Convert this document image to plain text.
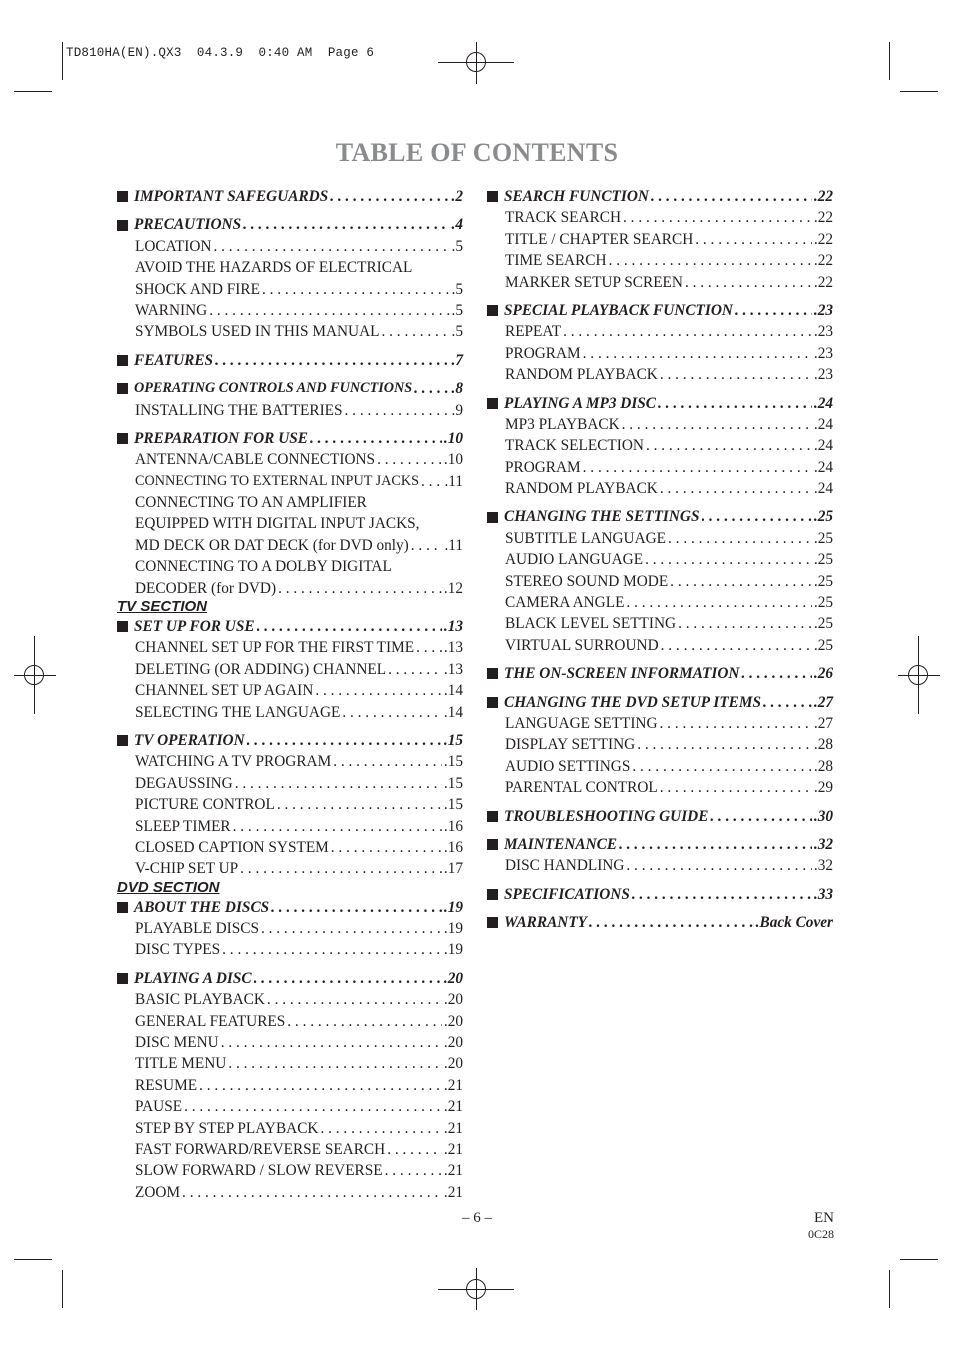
TD810HA(EN).QX3  04.3.9  0:40 AM  Page 6
TABLE OF CONTENTS
IMPORTANT SAFEGUARDS . . .	.2
PRECAUTIONS . . .	.4
LOCATION . . .	.5
AVOID THE HAZARDS OF ELECTRICAL
SHOCK AND FIRE . . .	.5
WARNING . . .	.5
SYMBOLS USED IN THIS MANUAL . . .	.5
FEATURES . . .	.7
OPERATING CONTROLS AND FUNCTIONS . . .	.8
INSTALLING THE BATTERIES . . .	.9
PREPARATION FOR USE . . .	.10
ANTENNA/CABLE CONNECTIONS . . .	.10
CONNECTING TO EXTERNAL INPUT JACKS . . . .11
CONNECTING TO AN AMPLIFIER
EQUIPPED WITH DIGITAL INPUT JACKS,
MD DECK OR DAT DECK (for DVD only) . . . .11
CONNECTING TO A DOLBY DIGITAL
DECODER (for DVD) . . .	.12
TV SECTION
SET UP FOR USE . . .	.13
CHANNEL SET UP FOR THE FIRST TIME . . . .13
DELETING (OR ADDING) CHANNEL . . .	.13
CHANNEL SET UP AGAIN . . .	.14
SELECTING THE LANGUAGE . . .	.14
TV OPERATION . . .	.15
WATCHING A TV PROGRAM . . .	.15
DEGAUSSING . . .	.15
PICTURE CONTROL . . .	.15
SLEEP TIMER . . .	.16
CLOSED CAPTION SYSTEM . . .	.16
V-CHIP SET UP . . .	.17
DVD SECTION
ABOUT THE DISCS . . .	.19
PLAYABLE DISCS . . .	.19
DISC TYPES . . .	.19
PLAYING A DISC . . .	.20
BASIC PLAYBACK . . .	.20
GENERAL FEATURES . . .	.20
DISC MENU . . .	.20
TITLE MENU . . .	.20
RESUME . . .	.21
PAUSE . . .	.21
STEP BY STEP PLAYBACK . . .	.21
FAST FORWARD/REVERSE SEARCH . . .	.21
SLOW FORWARD / SLOW REVERSE . . .	.21
ZOOM . . .	.21
SEARCH FUNCTION . . .	.22
TRACK SEARCH . . .	.22
TITLE / CHAPTER SEARCH . . .	.22
TIME SEARCH . . .	.22
MARKER SETUP SCREEN . . .	.22
SPECIAL PLAYBACK FUNCTION . . .	.23
REPEAT . . .	.23
PROGRAM . . .	.23
RANDOM PLAYBACK . . .	.23
PLAYING A MP3 DISC . . .	.24
MP3 PLAYBACK . . .	.24
TRACK SELECTION . . .	.24
PROGRAM . . .	.24
RANDOM PLAYBACK . . .	.24
CHANGING THE SETTINGS . . .	.25
SUBTITLE LANGUAGE . . .	.25
AUDIO LANGUAGE . . .	.25
STEREO SOUND MODE . . .	.25
CAMERA ANGLE . . .	.25
BLACK LEVEL SETTING . . .	.25
VIRTUAL SURROUND . . .	.25
THE ON-SCREEN INFORMATION . . .	.26
CHANGING THE DVD SETUP ITEMS . . .	.27
LANGUAGE SETTING . . .	.27
DISPLAY SETTING . . .	.28
AUDIO SETTINGS . . .	.28
PARENTAL CONTROL . . .	.29
TROUBLESHOOTING GUIDE . . .	.30
MAINTENANCE . . .	.32
DISC HANDLING . . .	.32
SPECIFICATIONS . . .	.33
WARRANTY . . .	.Back Cover
– 6 –	EN
0C28
